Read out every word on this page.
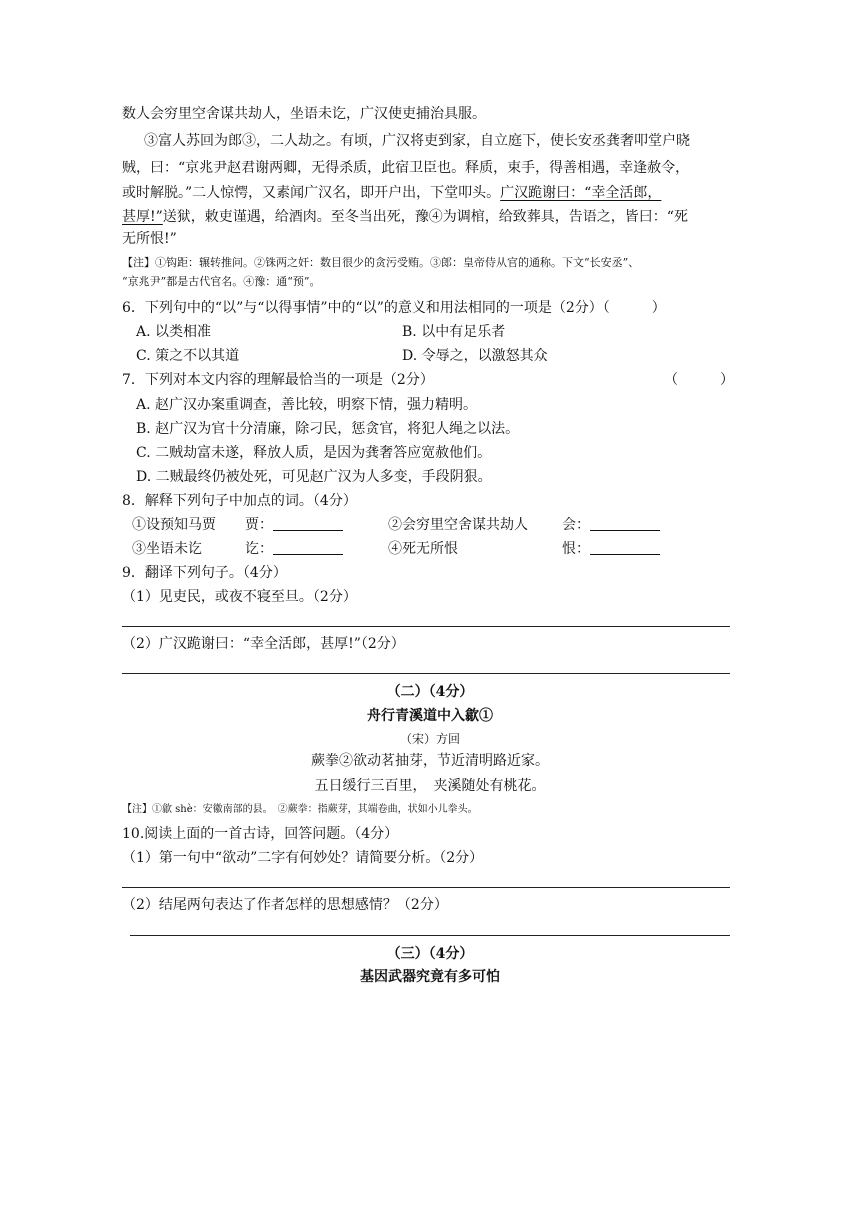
数人会穷里空舍谋共劫人，坐语未讫，广汉使吏捕治具服。
③富人苏回为郎③，二人劫之。有顷，广汉将吏到家，自立庭下，使长安丞龚奢叩堂户晓
贼，曰：“京兆尹赵君谢两卿，无得杀质，此宿卫臣也。释质，束手，得善相遇，幸逢赦令，
或时解脱。”二人惊愕，又素闻广汉名，即开户出，下堂叩头。广汉跪谢曰：“幸全活郎，
甚厚!”送狱，敕吏谨遇，给酒肉。至冬当出死，豫④为调棺，给致葬具，告语之，皆曰：“死
无所恨!”
【注】①钩距：辗转推问。②铢两之奸：数目很少的贪污受贿。③郎：皇帝侍从官的通称。下文“长安丞”、
“京兆尹”都是古代官名。④豫：通“预”。
6．下列句中的“以”与“以得事情”中的“以”的意义和用法相同的一项是（2分）（　　　）
A. 以类相准	B. 以中有足乐者
C. 策之不以其道	D. 令辱之，以激怒其众
7．下列对本文内容的理解最恰当的一项是（2分）	（　　　）
A. 赵广汉办案重调查，善比较，明察下情，强力精明。
B. 赵广汉为官十分清廉，除刁民，惩贪官，将犯人绳之以法。
C. 二贼劫富未遂，释放人质，是因为龚奢答应宽赦他们。
D. 二贼最终仍被处死，可见赵广汉为人多变，手段阴狠。
8．解释下列句子中加点的词。（4分）
①设预知马贾 贾：	②会穷里空舍谋共劫人 会：
③坐语未讫	讫：	④死无所恨	恨：
9．翻译下列句子。（4分）
（1）见吏民，或夜不寝至旦。（2分）
（2）广汉跪谢曰：“幸全活郎，甚厚!”（2分）
（二）（4分）
舟行青溪道中入歙①
（宋）方回
蕨拳②欲动茗抽芽，节近清明路近家。
五日缓行三百里，　夹溪随处有桃花。
【注】①歙 shè：安徽南部的县。　②蕨拳：指蕨芽，其端卷曲，状如小儿拳头。
10.阅读上面的一首古诗，回答问题。（4分）
（1）第一句中“欲动”二字有何妙处？请简要分析。（2分）
（2）结尾两句表达了作者怎样的思想感情？（2分）
（三）（4分）
基因武器究竟有多可怕
